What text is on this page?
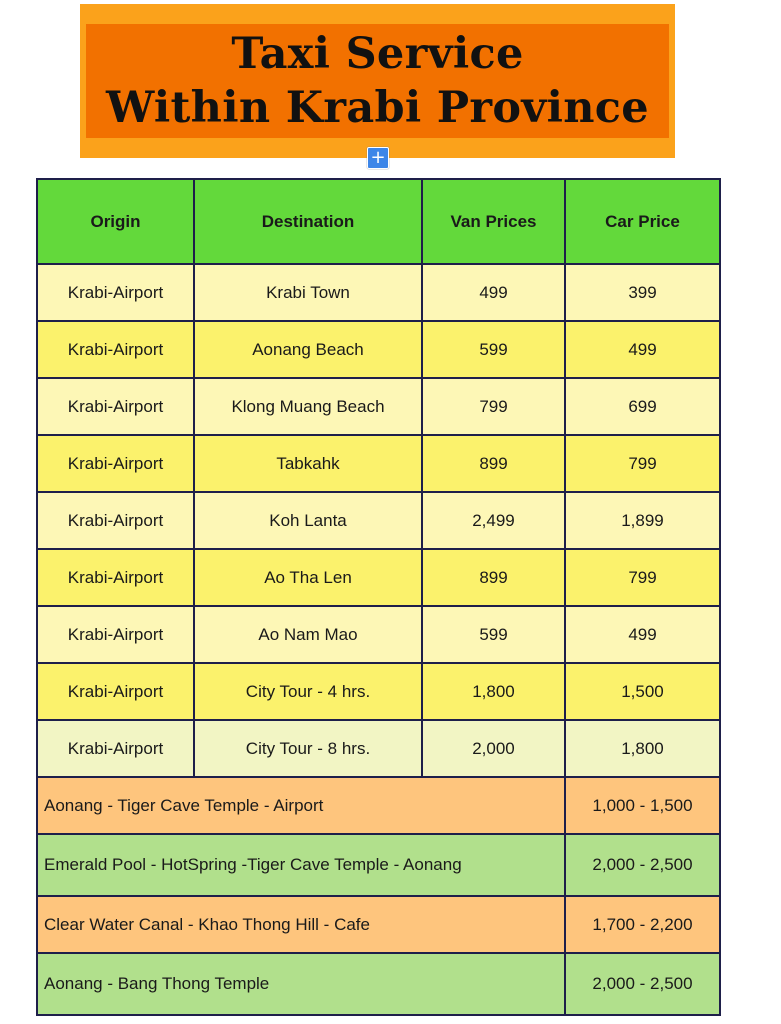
Taxi Service
Within Krabi Province
+
Origin	Destination	Van Prices	Car Price
Krabi-Airport	Krabi Town	499	399
Krabi-Airport	Aonang Beach	599	499
Krabi-Airport	Klong Muang Beach	799	699
Krabi-Airport	Tabkahk	899	799
Krabi-Airport	Koh Lanta	2,499	1,899
Krabi-Airport	Ao Tha Len	899	799
Krabi-Airport	Ao Nam Mao	599	499
Krabi-Airport	City Tour - 4 hrs.	1,800	1,500
Krabi-Airport	City Tour - 8 hrs.	2,000	1,800
Aonang - Tiger Cave Temple - Airport			1,000 - 1,500
Emerald Pool - HotSpring -Tiger Cave Temple - Aonang			2,000 - 2,500
Clear Water Canal - Khao Thong Hill - Cafe			1,700 - 2,200
Aonang - Bang Thong Temple			2,000 - 2,500
